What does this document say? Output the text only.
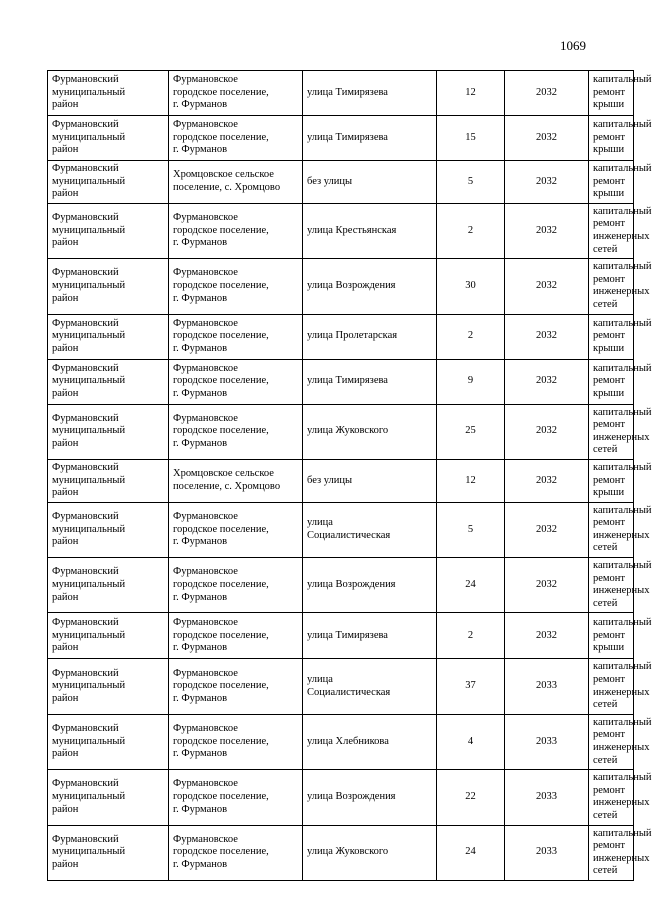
1069
Фурмановский
муниципальный
район	Фурмановское
городское поселение,
г. Фурманов	улица Тимирязева	12	2032	капитальный
ремонт крыши

Фурмановский
муниципальный
район	Фурмановское
городское поселение,
г. Фурманов	улица Тимирязева	15	2032	капитальный
ремонт крыши

Фурмановский
муниципальный
район	Хромцовское сельское
поселение, с. Хромцово	без улицы	5	2032	капитальный
ремонт крыши

Фурмановский
муниципальный
район	Фурмановское
городское поселение,
г. Фурманов	улица Крестьянская	2	2032	капитальный
ремонт
инженерных
сетей

Фурмановский
муниципальный
район	Фурмановское
городское поселение,
г. Фурманов	улица Возрождения	30	2032	капитальный
ремонт
инженерных
сетей

Фурмановский
муниципальный
район	Фурмановское
городское поселение,
г. Фурманов	улица Пролетарская	2	2032	капитальный
ремонт крыши

Фурмановский
муниципальный
район	Фурмановское
городское поселение,
г. Фурманов	улица Тимирязева	9	2032	капитальный
ремонт крыши

Фурмановский
муниципальный
район	Фурмановское
городское поселение,
г. Фурманов	улица Жуковского	25	2032	капитальный
ремонт
инженерных
сетей

Фурмановский
муниципальный
район	Хромцовское сельское
поселение, с. Хромцово	без улицы	12	2032	капитальный
ремонт крыши

Фурмановский
муниципальный
район	Фурмановское
городское поселение,
г. Фурманов	улица
Социалистическая	5	2032	капитальный
ремонт
инженерных
сетей

Фурмановский
муниципальный
район	Фурмановское
городское поселение,
г. Фурманов	улица Возрождения	24	2032	капитальный
ремонт
инженерных
сетей

Фурмановский
муниципальный
район	Фурмановское
городское поселение,
г. Фурманов	улица Тимирязева	2	2032	капитальный
ремонт крыши

Фурмановский
муниципальный
район	Фурмановское
городское поселение,
г. Фурманов	улица
Социалистическая	37	2033	капитальный
ремонт
инженерных
сетей

Фурмановский
муниципальный
район	Фурмановское
городское поселение,
г. Фурманов	улица Хлебникова	4	2033	капитальный
ремонт
инженерных
сетей

Фурмановский
муниципальный
район	Фурмановское
городское поселение,
г. Фурманов	улица Возрождения	22	2033	капитальный
ремонт
инженерных
сетей

Фурмановский
муниципальный
район	Фурмановское
городское поселение,
г. Фурманов	улица Жуковского	24	2033	капитальный
ремонт
инженерных
сетей
